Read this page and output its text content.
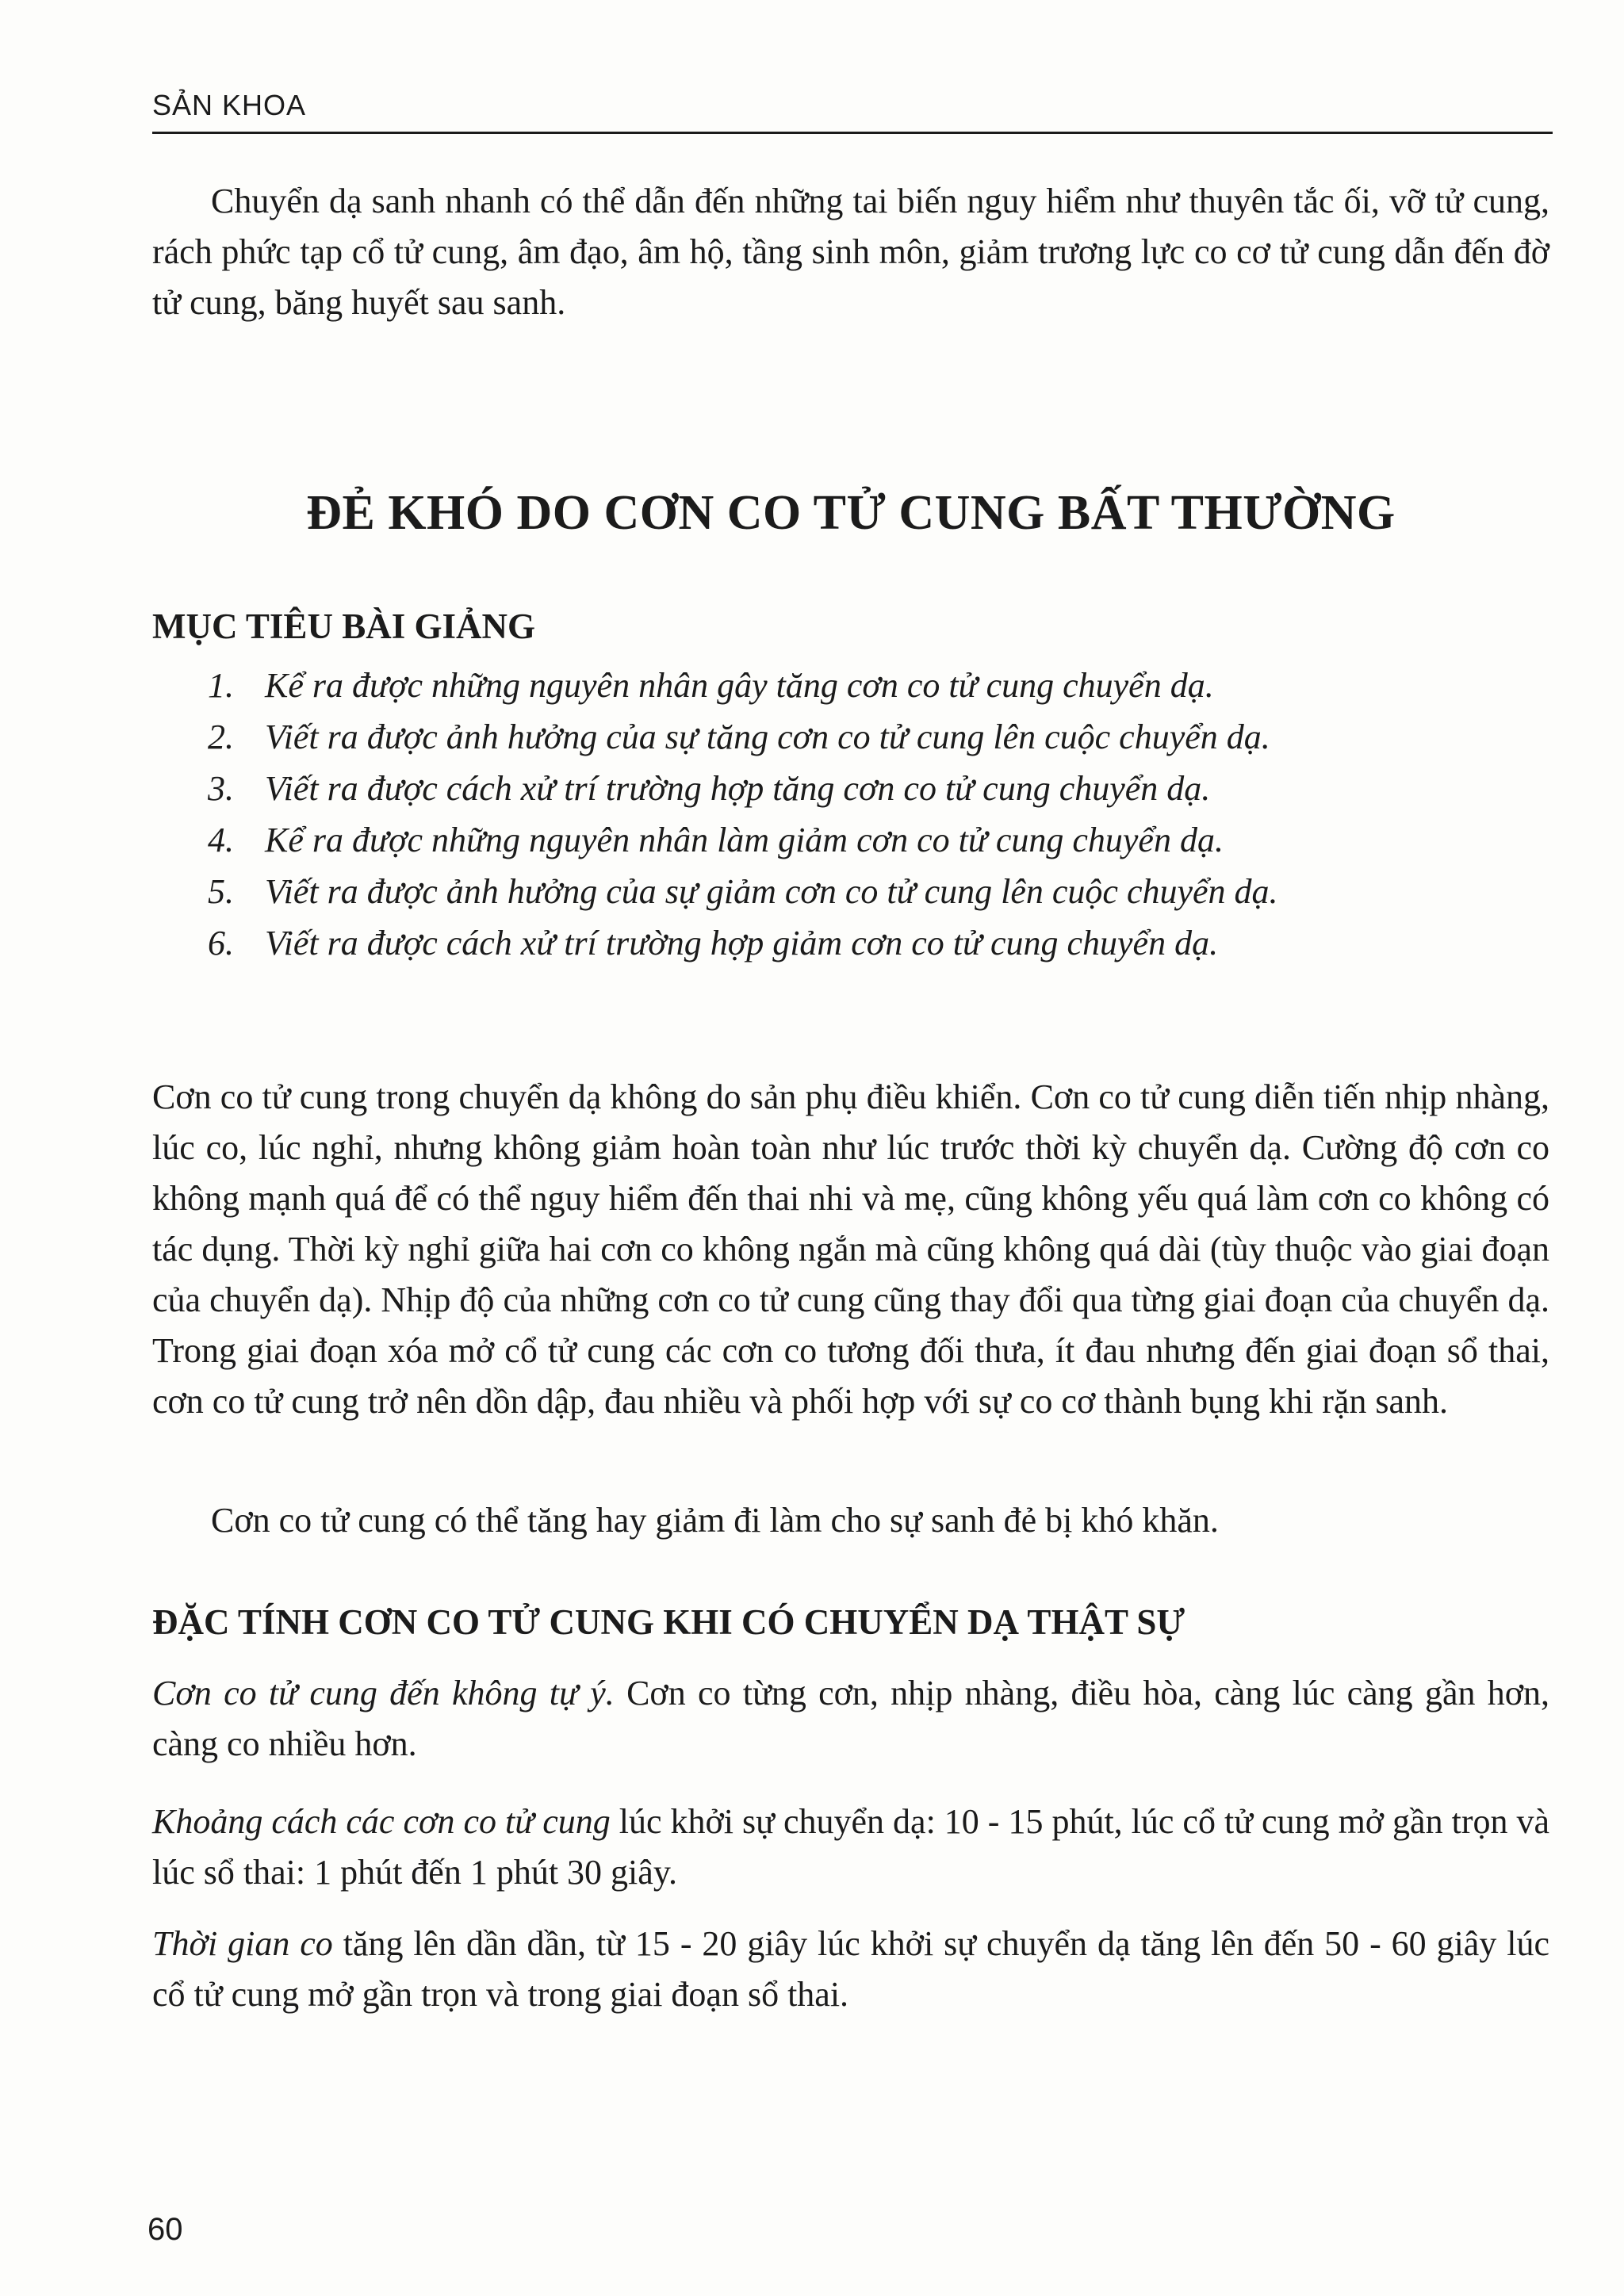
SẢN KHOA

Chuyển dạ sanh nhanh có thể dẫn đến những tai biến nguy hiểm như thuyên tắc ối, vỡ tử cung, rách phức tạp cổ tử cung, âm đạo, âm hộ, tầng sinh môn, giảm trương lực co cơ tử cung dẫn đến đờ tử cung, băng huyết sau sanh.

ĐẺ KHÓ DO CƠN CO TỬ CUNG BẤT THƯỜNG
MỤC TIÊU BÀI GIẢNG
1. Kể ra được những nguyên nhân gây tăng cơn co tử cung chuyển dạ.
2. Viết ra được ảnh hưởng của sự tăng cơn co tử cung lên cuộc chuyển dạ.
3. Viết ra được cách xử trí trường hợp tăng cơn co tử cung chuyển dạ.
4. Kể ra được những nguyên nhân làm giảm cơn co tử cung chuyển dạ.
5. Viết ra được ảnh hưởng của sự giảm cơn co tử cung lên cuộc chuyển dạ.
6. Viết ra được cách xử trí trường hợp giảm cơn co tử cung chuyển dạ.

Cơn co tử cung trong chuyển dạ không do sản phụ điều khiển. Cơn co tử cung diễn tiến nhịp nhàng, lúc co, lúc nghỉ, nhưng không giảm hoàn toàn như lúc trước thời kỳ chuyển dạ. Cường độ cơn co không mạnh quá để có thể nguy hiểm đến thai nhi và mẹ, cũng không yếu quá làm cơn co không có tác dụng. Thời kỳ nghỉ giữa hai cơn co không ngắn mà cũng không quá dài (tùy thuộc vào giai đoạn của chuyển dạ). Nhịp độ của những cơn co tử cung cũng thay đổi qua từng giai đoạn của chuyển dạ. Trong giai đoạn xóa mở cổ tử cung các cơn co tương đối thưa, ít đau nhưng đến giai đoạn sổ thai, cơn co tử cung trở nên dồn dập, đau nhiều và phối hợp với sự co cơ thành bụng khi rặn sanh.

Cơn co tử cung có thể tăng hay giảm đi làm cho sự sanh đẻ bị khó khăn.

ĐẶC TÍNH CƠN CO TỬ CUNG KHI CÓ CHUYỂN DẠ THẬT SỰ

Cơn co tử cung đến không tự ý. Cơn co từng cơn, nhịp nhàng, điều hòa, càng lúc càng gần hơn, càng co nhiều hơn.

Khoảng cách các cơn co tử cung lúc khởi sự chuyển dạ: 10 - 15 phút, lúc cổ tử cung mở gần trọn và lúc sổ thai: 1 phút đến 1 phút 30 giây.

Thời gian co tăng lên dần dần, từ 15 - 20 giây lúc khởi sự chuyển dạ tăng lên đến 50 - 60 giây lúc cổ tử cung mở gần trọn và trong giai đoạn sổ thai.

60
